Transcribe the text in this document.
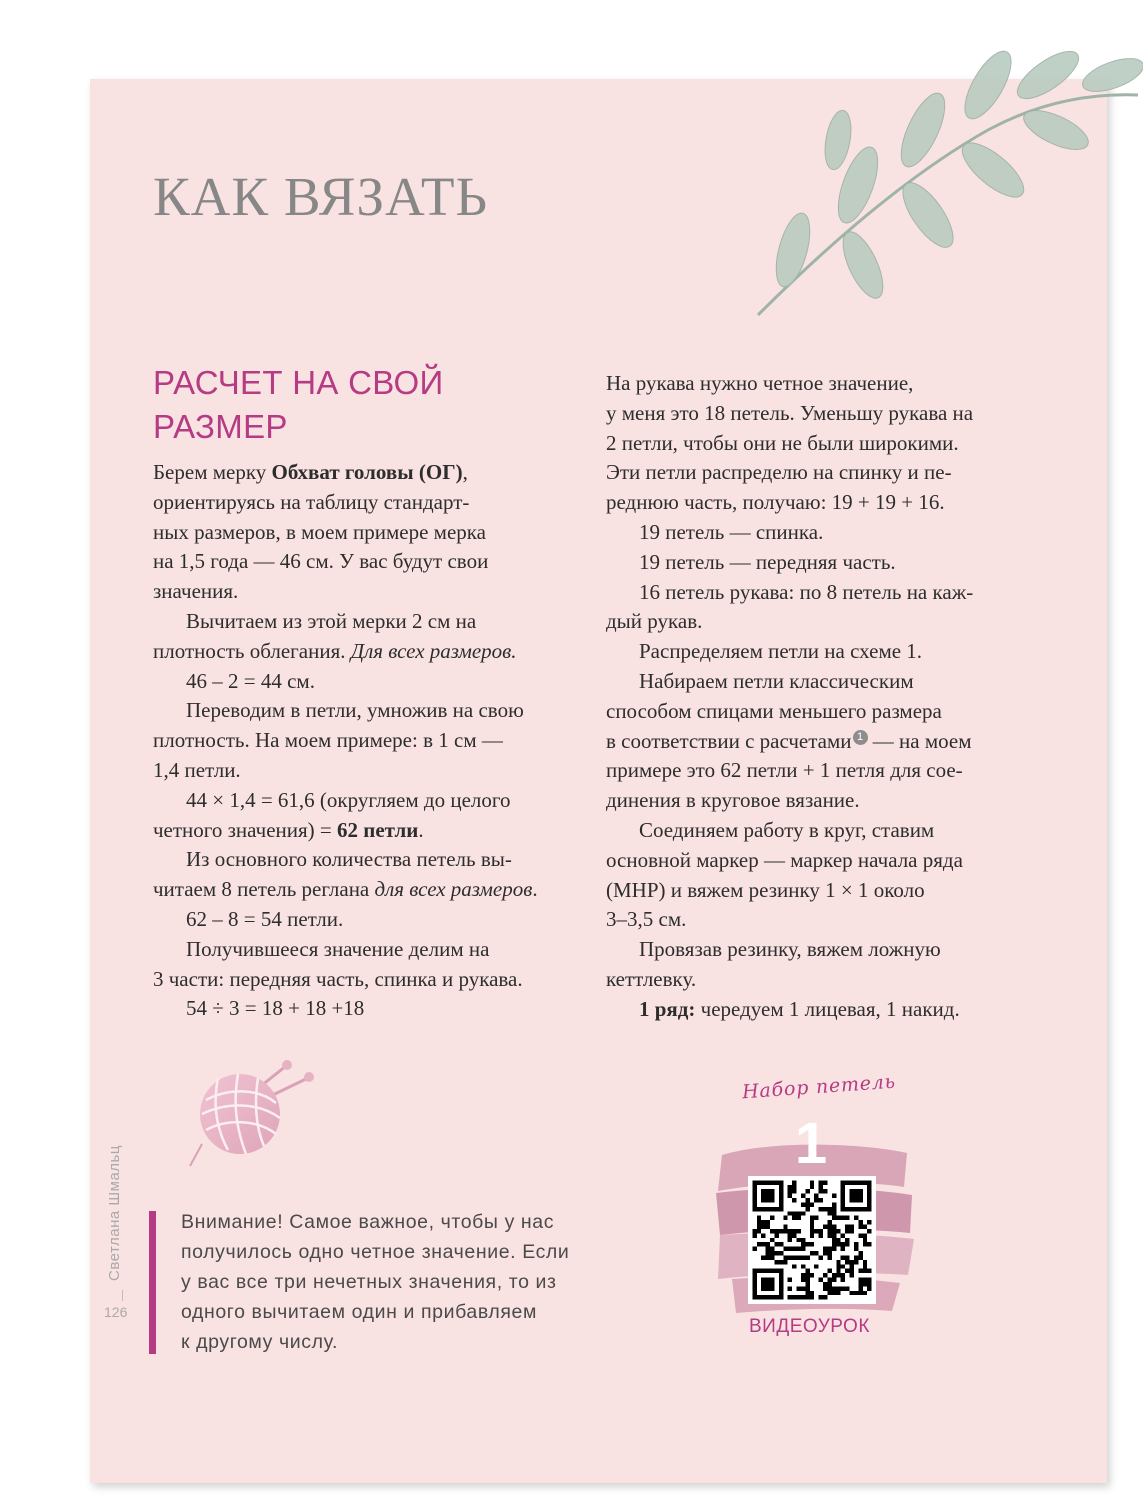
КАК ВЯЗАТЬ
РАСЧЕТ НА СВОЙ
РАЗМЕР

Берем мерку Обхват головы (ОГ),

ориентируясь на таблицу стандарт-

ных размеров, в моем примере мерка

на 1,5 года — 46 см. У вас будут свои

значения.

Вычитаем из этой мерки 2 см на

плотность облегания. Для всех размеров.

46 – 2 = 44 см.

Переводим в петли, умножив на свою

плотность. На моем примере: в 1 см —

1,4 петли.

44 × 1,4 = 61,6 (округляем до целого

четного значения) = 62 петли.

Из основного количества петель вы-

читаем 8 петель реглана для всех размеров.

62 – 8 = 54 петли.

Получившееся значение делим на

3 части: передняя часть, спинка и рукава.

54 ÷ 3 = 18 + 18 +18

На рукава нужно четное значение,

у меня это 18 петель. Уменьшу рукава на

2 петли, чтобы они не были широкими.

Эти петли распределю на спинку и пе-

реднюю часть, получаю: 19 + 19 + 16.

19 петель — спинка.

19 петель — передняя часть.

16 петель рукава: по 8 петель на каж-

дый рукав.

Распределяем петли на схеме 1.

Набираем петли классическим

способом спицами меньшего размера

в соответствии с расчетами 1 — на моем

примере это 62 петли + 1 петля для сое-

динения в круговое вязание.

Соединяем работу в круг, ставим

основной маркер — маркер начала ряда

(МНР) и вяжем резинку 1 × 1 около

3–3,5 см.

Провязав резинку, вяжем ложную

кеттлевку.

1 ряд: чередуем 1 лицевая, 1 накид.

Внимание! Самое важное, чтобы у нас

получилось одно четное значение. Если

у вас все три нечетных значения, то из

одного вычитаем один и прибавляем

к другому числу.

Светлана Шмальц
126
Набор петель
1
ВИДЕОУРОК
